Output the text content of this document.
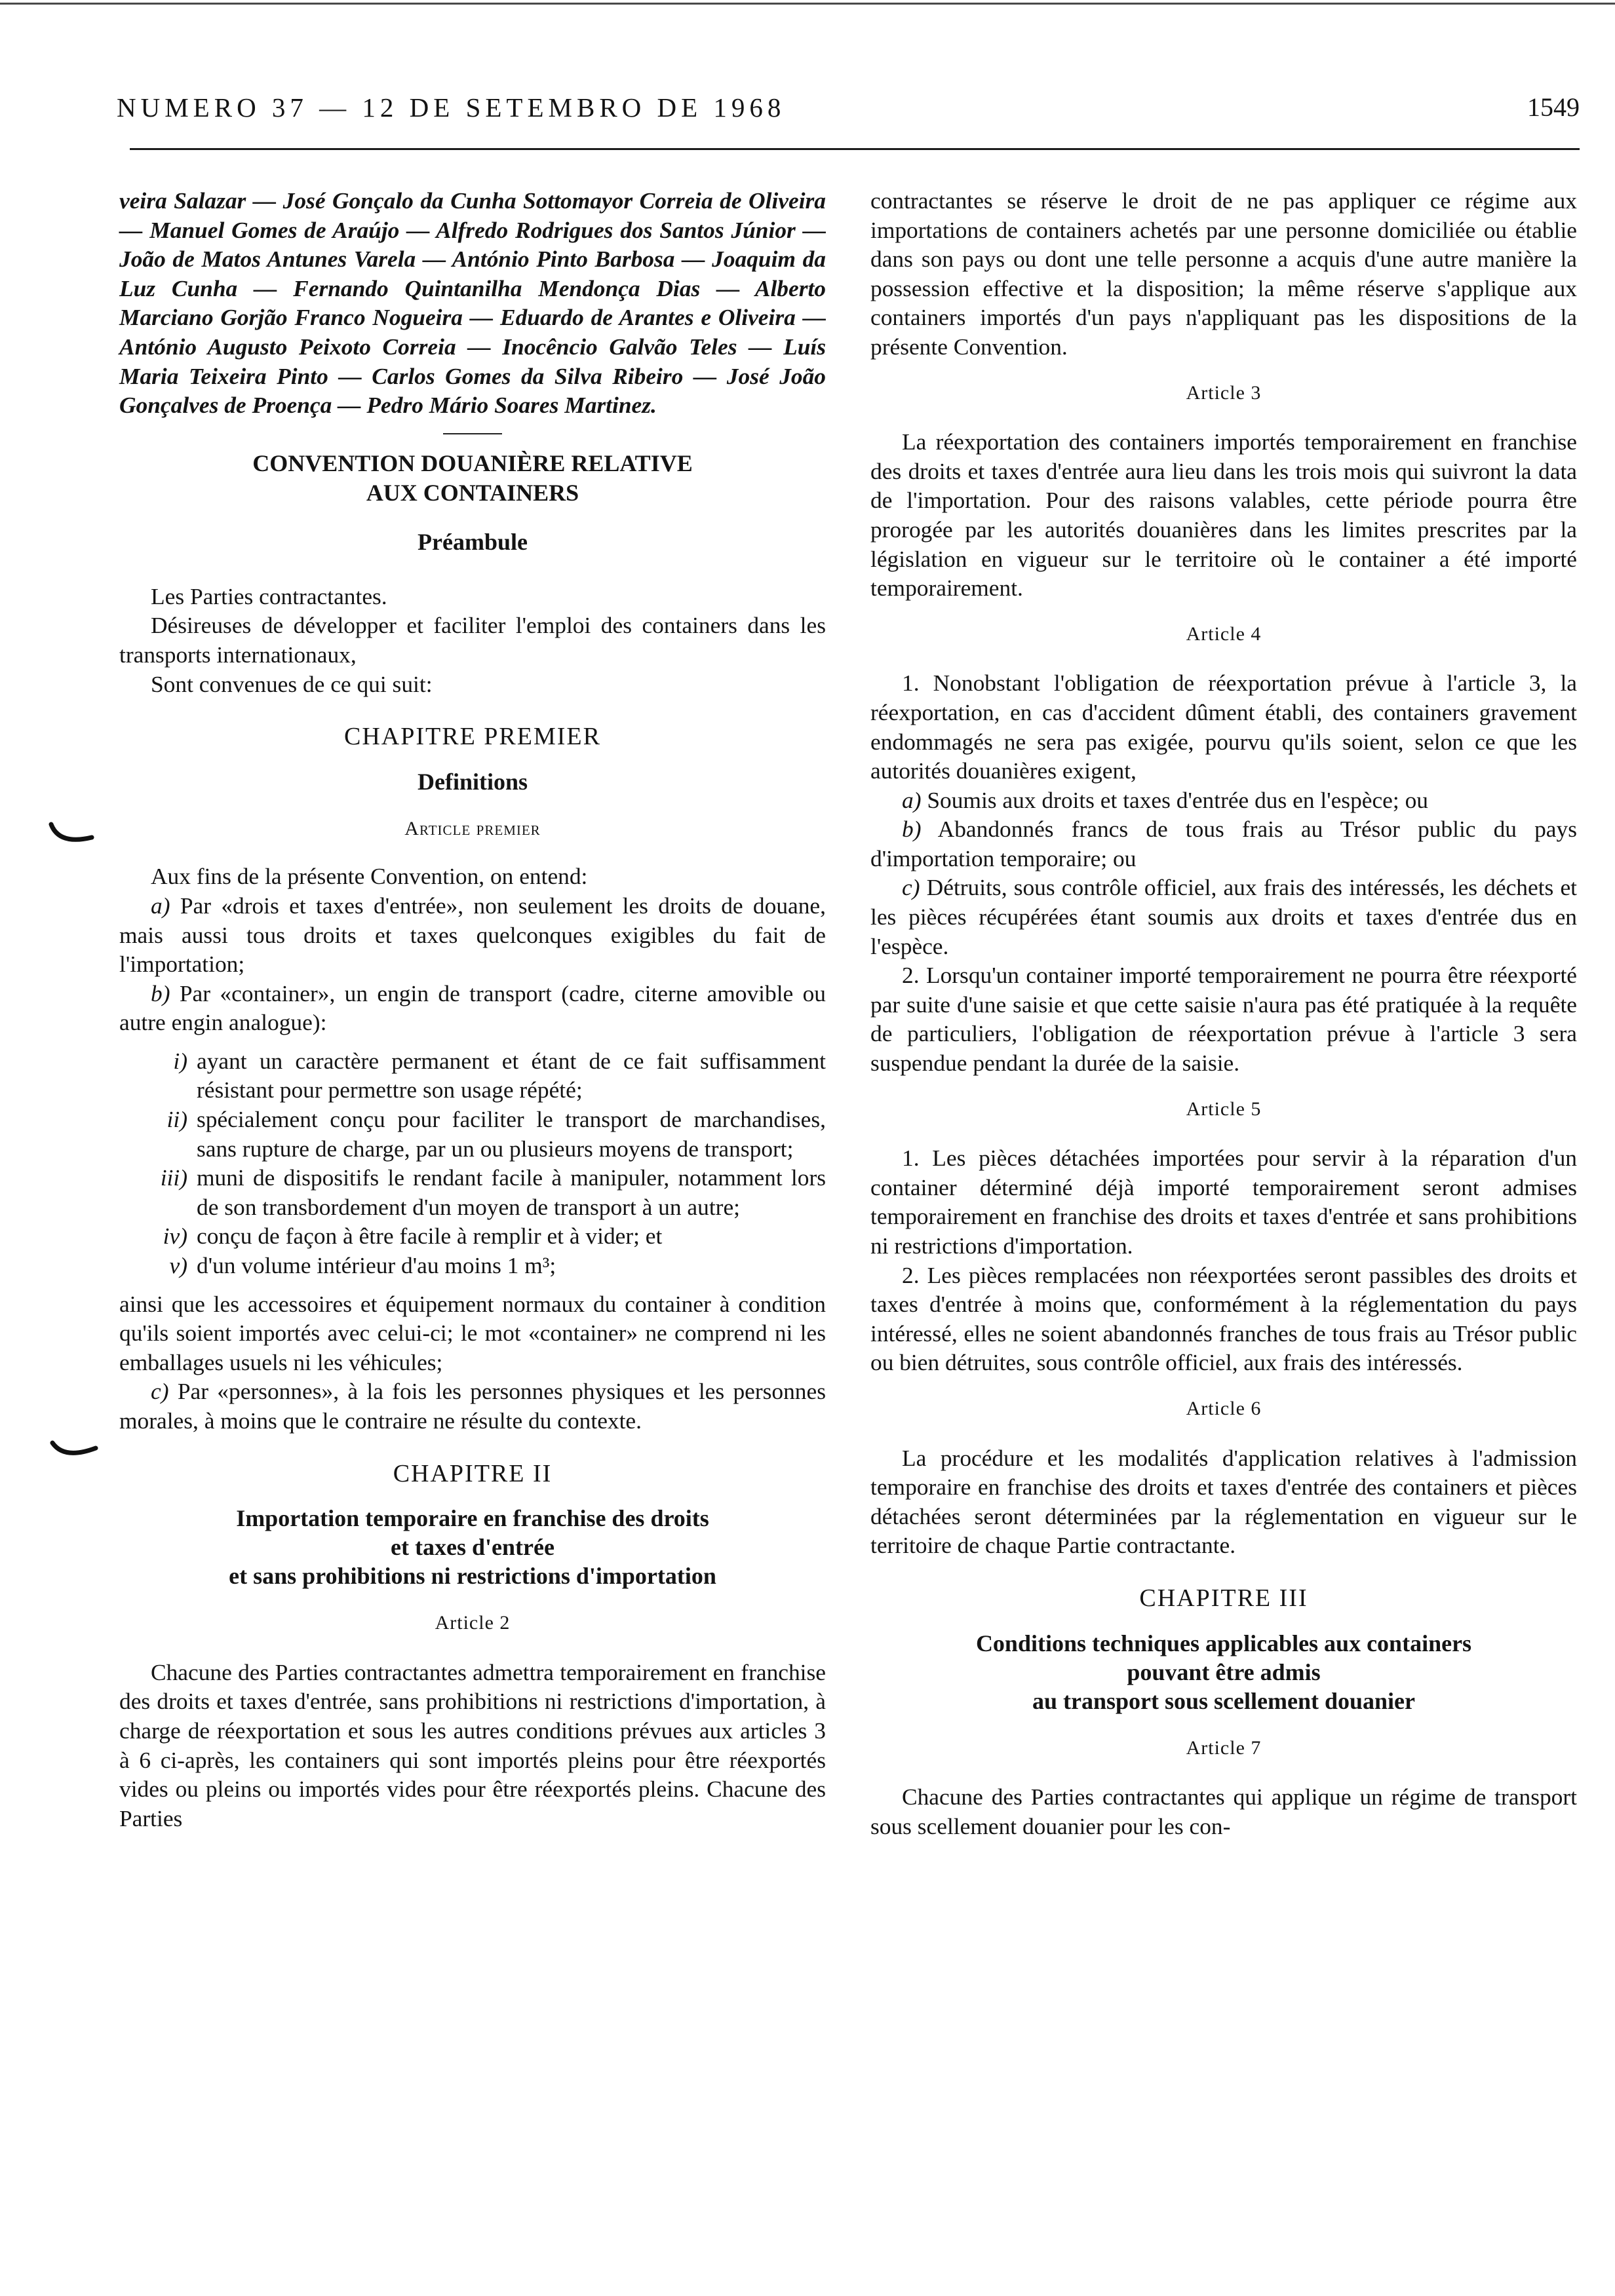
NUMERO 37 — 12 DE SETEMBRO DE 1968	1549

veira Salazar — José Gonçalo da Cunha Sottomayor Correia de Oliveira — Manuel Gomes de Araújo — Alfredo Rodrigues dos Santos Júnior — João de Matos Antunes Varela — António Pinto Barbosa — Joaquim da Luz Cunha — Fernando Quintanilha Mendonça Dias — Alberto Marciano Gorjão Franco Nogueira — Eduardo de Arantes e Oliveira — António Augusto Peixoto Correia — Inocêncio Galvão Teles — Luís Maria Teixeira Pinto — Carlos Gomes da Silva Ribeiro — José João Gonçalves de Proença — Pedro Mário Soares Martinez.

CONVENTION DOUANIÈRE RELATIVE
AUX CONTAINERS
Préambule

Les Parties contractantes.

Désireuses de développer et faciliter l'emploi des containers dans les transports internationaux,

Sont convenues de ce qui suit:

CHAPITRE PREMIER
Definitions
Article premier

Aux fins de la présente Convention, on entend:

a) Par «drois et taxes d'entrée», non seulement les droits de douane, mais aussi tous droits et taxes quelconques exigibles du fait de l'importation;

b) Par «container», un engin de transport (cadre, citerne amovible ou autre engin analogue):

i) ayant un caractère permanent et étant de ce fait suffisamment résistant pour permettre son usage répété;
ii) spécialement conçu pour faciliter le transport de marchandises, sans rupture de charge, par un ou plusieurs moyens de transport;
iii) muni de dispositifs le rendant facile à manipuler, notamment lors de son transbordement d'un moyen de transport à un autre;
iv) conçu de façon à être facile à remplir et à vider; et
v) d'un volume intérieur d'au moins 1 m³;

ainsi que les accessoires et équipement normaux du container à condition qu'ils soient importés avec celui-ci; le mot «container» ne comprend ni les emballages usuels ni les véhicules;

c) Par «personnes», à la fois les personnes physiques et les personnes morales, à moins que le contraire ne résulte du contexte.

CHAPITRE II
Importation temporaire en franchise des droits
et taxes d'entrée
et sans prohibitions ni restrictions d'importation
Article 2

Chacune des Parties contractantes admettra temporairement en franchise des droits et taxes d'entrée, sans prohibitions ni restrictions d'importation, à charge de réexportation et sous les autres conditions prévues aux articles 3 à 6 ci-après, les containers qui sont importés pleins pour être réexportés vides ou pleins ou importés vides pour être réexportés pleins. Chacune des Parties

contractantes se réserve le droit de ne pas appliquer ce régime aux importations de containers achetés par une personne domiciliée ou établie dans son pays ou dont une telle personne a acquis d'une autre manière la possession effective et la disposition; la même réserve s'applique aux containers importés d'un pays n'appliquant pas les dispositions de la présente Convention.

Article 3

La réexportation des containers importés temporairement en franchise des droits et taxes d'entrée aura lieu dans les trois mois qui suivront la data de l'importation. Pour des raisons valables, cette période pourra être prorogée par les autorités douanières dans les limites prescrites par la législation en vigueur sur le territoire où le container a été importé temporairement.

Article 4

1. Nonobstant l'obligation de réexportation prévue à l'article 3, la réexportation, en cas d'accident dûment établi, des containers gravement endommagés ne sera pas exigée, pourvu qu'ils soient, selon ce que les autorités douanières exigent,

a) Soumis aux droits et taxes d'entrée dus en l'espèce; ou

b) Abandonnés francs de tous frais au Trésor public du pays d'importation temporaire; ou

c) Détruits, sous contrôle officiel, aux frais des intéressés, les déchets et les pièces récupérées étant soumis aux droits et taxes d'entrée dus en l'espèce.

2. Lorsqu'un container importé temporairement ne pourra être réexporté par suite d'une saisie et que cette saisie n'aura pas été pratiquée à la requête de particuliers, l'obligation de réexportation prévue à l'article 3 sera suspendue pendant la durée de la saisie.

Article 5

1. Les pièces détachées importées pour servir à la réparation d'un container déterminé déjà importé temporairement seront admises temporairement en franchise des droits et taxes d'entrée et sans prohibitions ni restrictions d'importation.

2. Les pièces remplacées non réexportées seront passibles des droits et taxes d'entrée à moins que, conformément à la réglementation du pays intéressé, elles ne soient abandonnés franches de tous frais au Trésor public ou bien détruites, sous contrôle officiel, aux frais des intéressés.

Article 6

La procédure et les modalités d'application relatives à l'admission temporaire en franchise des droits et taxes d'entrée des containers et pièces détachées seront déterminées par la réglementation en vigueur sur le territoire de chaque Partie contractante.

CHAPITRE III
Conditions techniques applicables aux containers
pouvant être admis
au transport sous scellement douanier
Article 7

Chacune des Parties contractantes qui applique un régime de transport sous scellement douanier pour les con-
